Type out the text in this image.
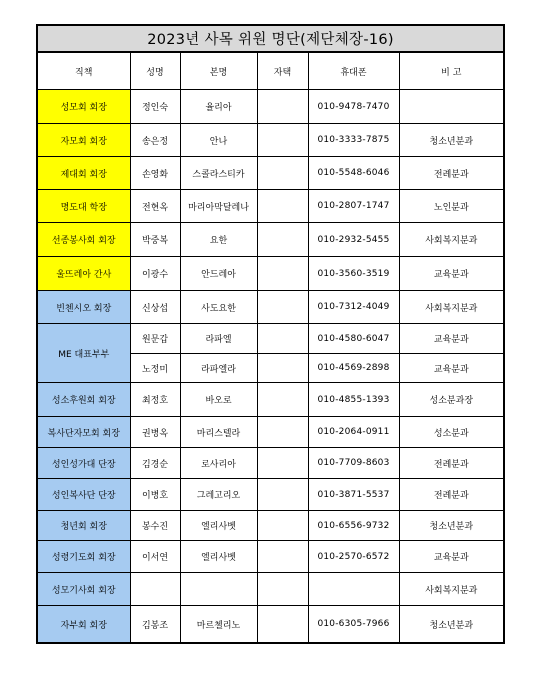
2023년 사목 위원 명단(제단체장-16)					
직책	성명	본명	자택	휴대폰	비 고
성모회 회장	정인숙	율리아		010-9478-7470	
자모회 회장	송은정	안나		010-3333-7875	청소년분과
제대회 회장	손영화	스콜라스티카		010-5548-6046	전례분과
명도대 학장	전현옥	마리아막달레나		010-2807-1747	노인분과
선종봉사회 회장	박중복	요한		010-2932-5455	사회복지분과
울뜨레아 간사	이광수	안드레아		010-3560-3519	교육분과
빈첸시오 회장	신상섭	사도요한		010-7312-4049	사회복지분과
ME 대표부부	원문갑	라파엘		010-4580-6047	교육분과
	노정미	라파엘라		010-4569-2898	교육분과
성소후원회 회장	최정호	바오로		010-4855-1393	성소분과장
복사단자모회 회장	권병옥	마리스텔라		010-2064-0911	성소분과
성인성가대 단장	김경순	로사리아		010-7709-8603	전례분과
성인복사단 단장	이병호	그레고리오		010-3871-5537	전례분과
청년회 회장	봉수진	엘리사벳		010-6556-9732	청소년분과
성령기도회 회장	이서연	엘리사벳		010-2570-6572	교육분과
성모기사회 회장					사회복지분과
자부회 회장	김봉조	마르첼리노		010-6305-7966	청소년분과
